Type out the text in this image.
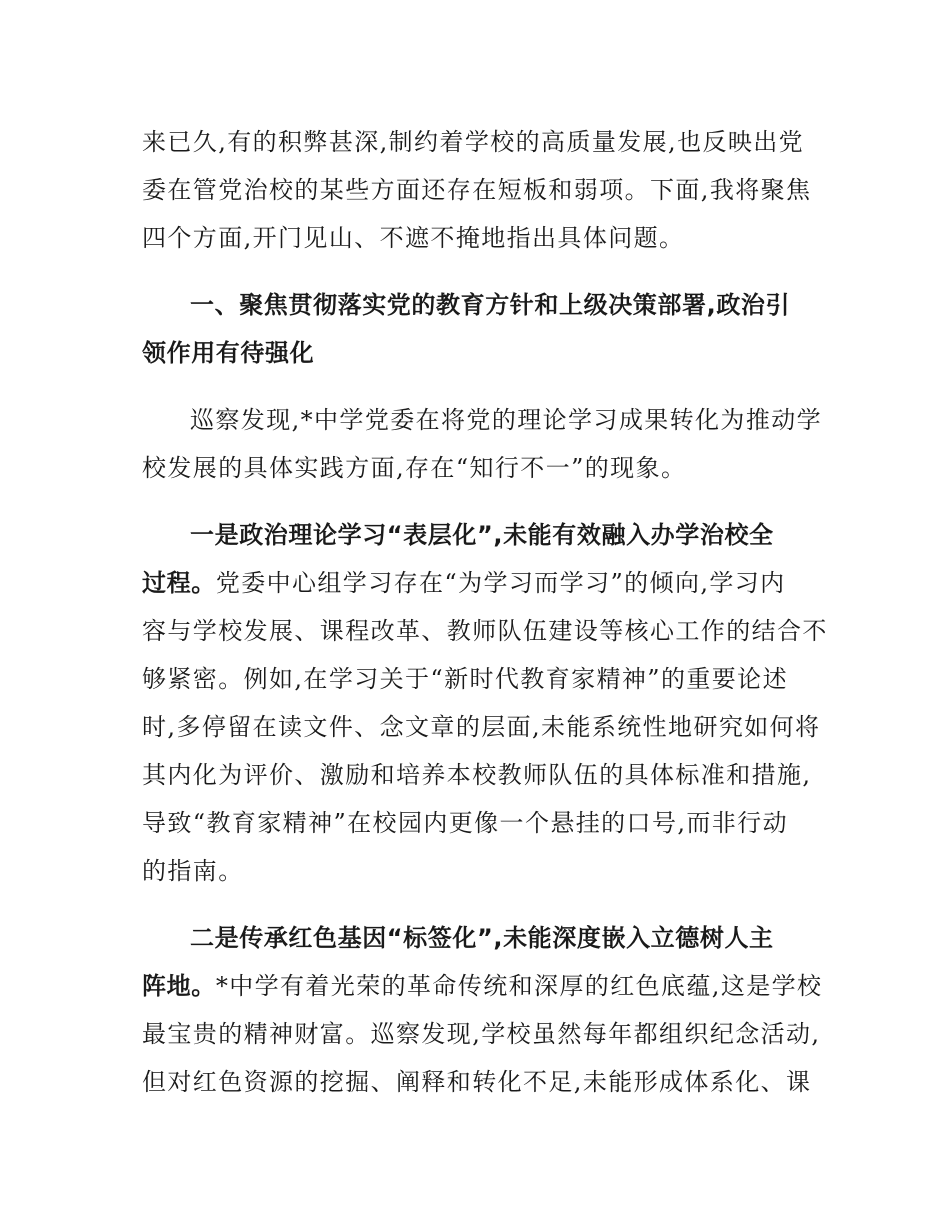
来已久,有的积弊甚深,制约着学校的高质量发展,也反映出党
委在管党治校的某些方面还存在短板和弱项。下面,我将聚焦
四个方面,开门见山、不遮不掩地指出具体问题。
一、聚焦贯彻落实党的教育方针和上级决策部署,政治引
领作用有待强化
巡察发现,*中学党委在将党的理论学习成果转化为推动学
校发展的具体实践方面,存在“知行不一”的现象。
一是政治理论学习“表层化”,未能有效融入办学治校全
过程。党委中心组学习存在“为学习而学习”的倾向,学习内
容与学校发展、课程改革、教师队伍建设等核心工作的结合不
够紧密。例如,在学习关于“新时代教育家精神”的重要论述
时,多停留在读文件、念文章的层面,未能系统性地研究如何将
其内化为评价、激励和培养本校教师队伍的具体标准和措施,
导致“教育家精神”在校园内更像一个悬挂的口号,而非行动
的指南。
二是传承红色基因“标签化”,未能深度嵌入立德树人主
阵地。*中学有着光荣的革命传统和深厚的红色底蕴,这是学校
最宝贵的精神财富。巡察发现,学校虽然每年都组织纪念活动,
但对红色资源的挖掘、阐释和转化不足,未能形成体系化、课
